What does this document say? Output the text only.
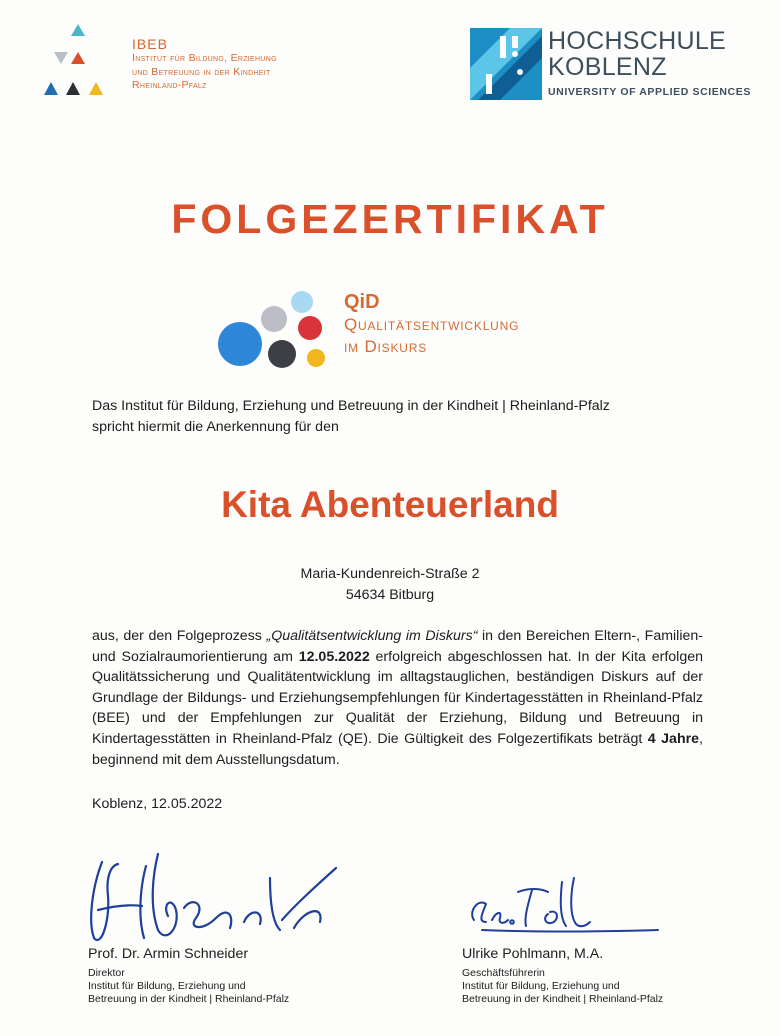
IBEB
Institut für Bildung, Erziehung
und Betreuung in der Kindheit
Rheinland-Pfalz
HOCHSCHULE
KOBLENZ
UNIVERSITY OF APPLIED SCIENCES
FOLGEZERTIFIKAT
QiD
Qualitätsentwicklung
im Diskurs
Das Institut für Bildung, Erziehung und Betreuung in der Kindheit | Rheinland-Pfalz
spricht hiermit die Anerkennung für den
Kita Abenteuerland
Maria-Kundenreich-Straße 2
54634 Bitburg
aus, der den Folgeprozess „Qualitätsentwicklung im Diskurs“ in den Bereichen Eltern-, Familien- und Sozialraumorientierung am 12.05.2022 erfolgreich abgeschlossen hat. In der Kita erfolgen Qualitätssicherung und Qualitätentwicklung im alltagstauglichen, beständigen Diskurs auf der Grundlage der Bildungs- und Erziehungsempfehlungen für Kindertagesstätten in Rheinland-Pfalz (BEE) und der Empfehlungen zur Qualität der Erziehung, Bildung und Betreuung in Kindertagesstätten in Rheinland-Pfalz (QE). Die Gültigkeit des Folgezertifikats beträgt 4 Jahre, beginnend mit dem Ausstellungsdatum.
Koblenz, 12.05.2022
Prof. Dr. Armin Schneider
Direktor
Institut für Bildung, Erziehung und
Betreuung in der Kindheit | Rheinland-Pfalz
Ulrike Pohlmann, M.A.
Geschäftsführerin
Institut für Bildung, Erziehung und
Betreuung in der Kindheit | Rheinland-Pfalz
